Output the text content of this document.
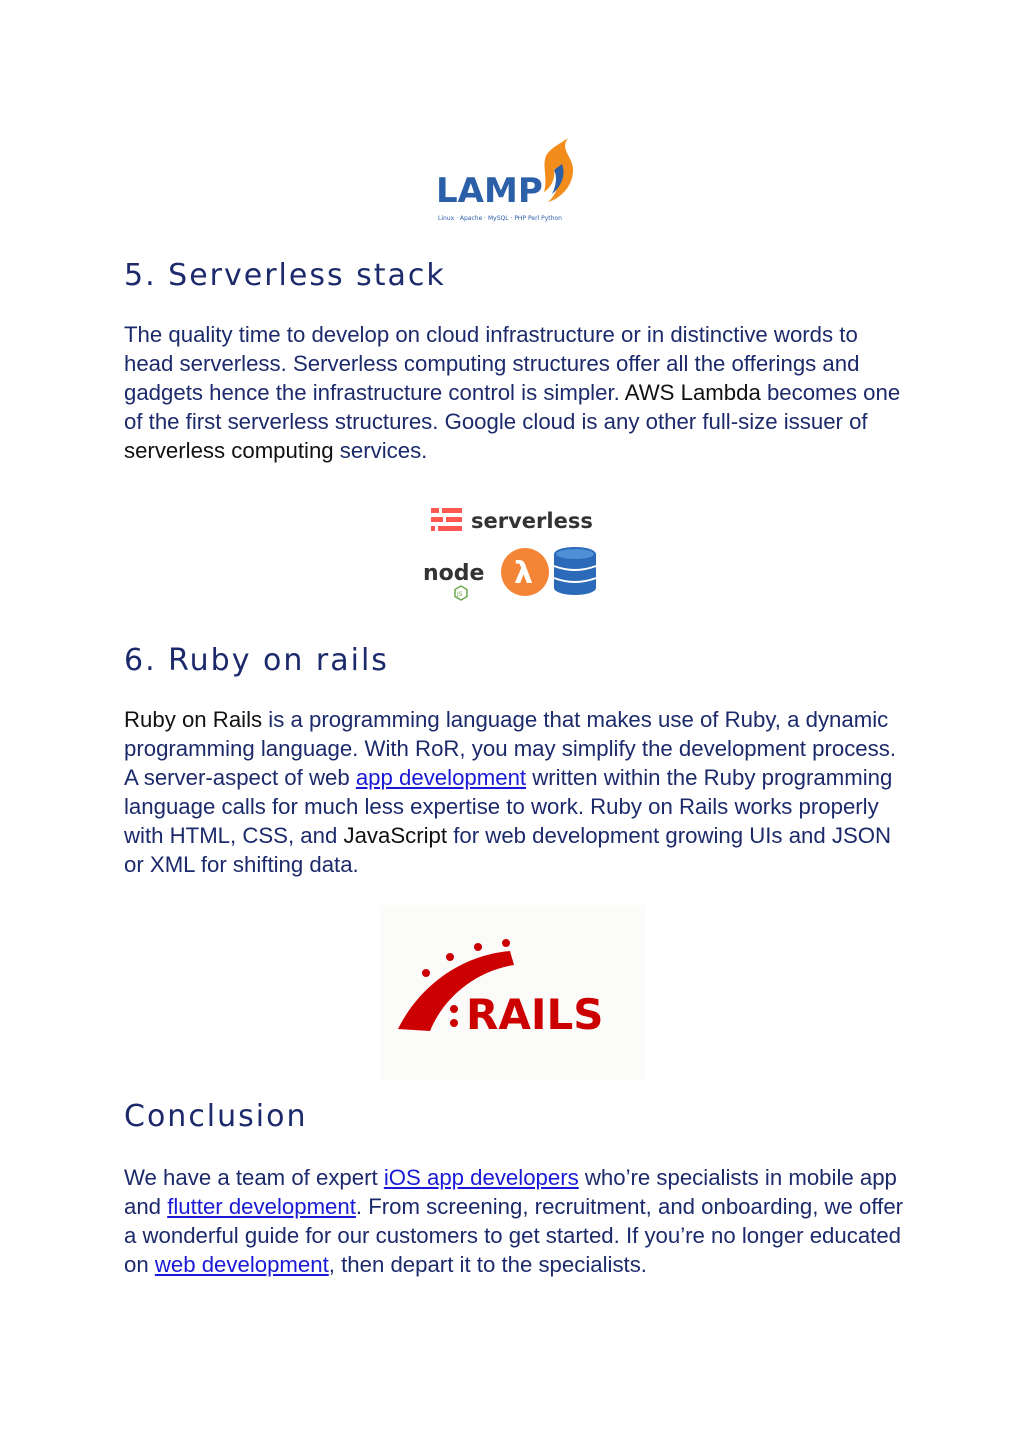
LAMP
Linux · Apache · MySQL · PHP Perl Python
5. Serverless stack

The quality time to develop on cloud infrastructure or in distinctive words to head serverless. Serverless computing structures offer all the offerings and gadgets hence the infrastructure control is simpler. AWS Lambda becomes one of the first serverless structures. Google cloud is any other full-size issuer of serverless computing services.

serverless
node
JS
λ
6. Ruby on rails

Ruby on Rails is a programming language that makes use of Ruby, a dynamic programming language. With RoR, you may simplify the development process. A server-aspect of web app development written within the Ruby programming language calls for much less expertise to work. Ruby on Rails works properly with HTML, CSS, and JavaScript for web development growing UIs and JSON or XML for shifting data.

RAILS
Conclusion

We have a team of expert iOS app developers who’re specialists in mobile app and flutter development. From screening, recruitment, and onboarding, we offer a wonderful guide for our customers to get started. If you’re no longer educated on web development, then depart it to the specialists.
